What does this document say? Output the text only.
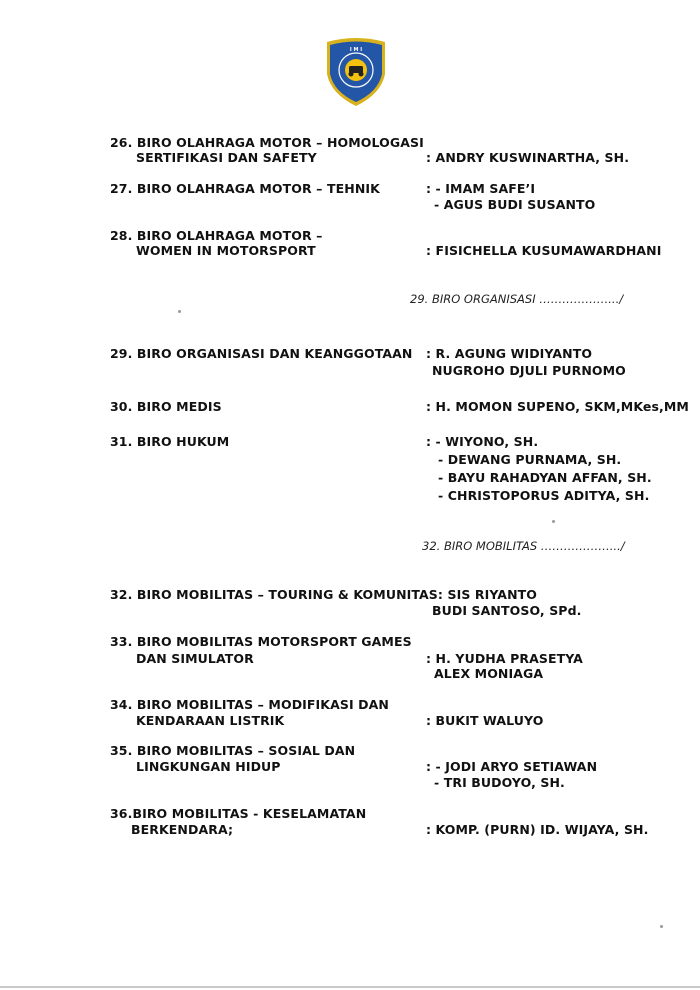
I M I
26. BIRO OLAHRAGA MOTOR – HOMOLOGASI
SERTIFIKASI DAN SAFETY	: ANDRY KUSWINARTHA, SH.
27. BIRO OLAHRAGA MOTOR – TEHNIK	: - IMAM SAFE’I
- AGUS BUDI SUSANTO
28. BIRO OLAHRAGA MOTOR –
WOMEN IN MOTORSPORT	: FISICHELLA KUSUMAWARDHANI
29. BIRO ORGANISASI ……………….../
29. BIRO ORGANISASI DAN KEANGGOTAAN : R. AGUNG WIDIYANTO
NUGROHO DJULI PURNOMO
30. BIRO MEDIS	: H. MOMON SUPENO, SKM,MKes,MM
31. BIRO HUKUM	: - WIYONO, SH.
- DEWANG PURNAMA, SH.
- BAYU RAHADYAN AFFAN, SH.
- CHRISTOPORUS ADITYA, SH.
32. BIRO MOBILITAS ……………….../
32. BIRO MOBILITAS – TOURING & KOMUNITAS: SIS RIYANTO
BUDI SANTOSO, SPd.
33. BIRO MOBILITAS MOTORSPORT GAMES
DAN SIMULATOR	: H. YUDHA PRASETYA
ALEX MONIAGA
34. BIRO MOBILITAS – MODIFIKASI DAN
KENDARAAN LISTRIK	: BUKIT WALUYO
35. BIRO MOBILITAS – SOSIAL DAN
LINGKUNGAN HIDUP	: - JODI ARYO SETIAWAN
- TRI BUDOYO, SH.
36.BIRO MOBILITAS - KESELAMATAN
BERKENDARA;	: KOMP. (PURN) ID. WIJAYA, SH.
